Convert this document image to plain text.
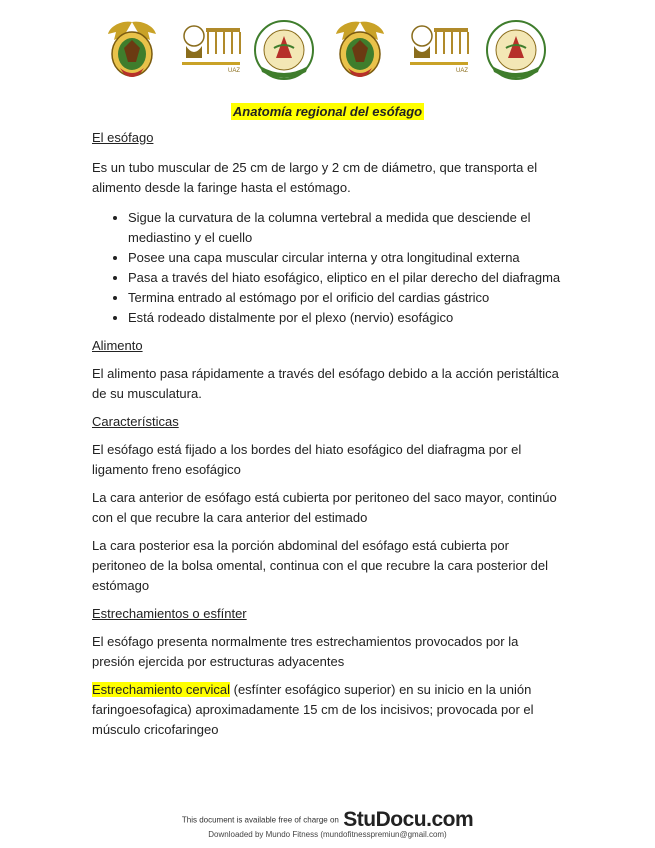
UAZ	UAZ
Anatomía regional del esófago

El esófago

Es un tubo muscular de 25 cm de largo y 2 cm de diámetro, que transporta el
alimento desde la faringe hasta el estómago.

• Sigue la curvatura de la columna vertebral a medida que desciende el mediastino y el cuello
• Posee una capa muscular circular interna y otra longitudinal externa
• Pasa a través del hiato esofágico, eliptico en el pilar derecho del diafragma
• Termina entrado al estómago por el orificio del cardias gástrico
• Está rodeado distalmente por el plexo (nervio) esofágico

Alimento

El alimento pasa rápidamente a través del esófago debido a la acción peristáltica de su musculatura.

Características

El esófago está fijado a los bordes del hiato esofágico del diafragma por el ligamento freno esofágico

La cara anterior de esófago está cubierta por peritoneo del saco mayor, continúo con el que recubre la cara anterior del estimado

La cara posterior esa la porción abdominal del esófago está cubierta por peritoneo de la bolsa omental, continua con el que recubre la cara posterior del estómago

Estrechamientos o esfínter

El esófago presenta normalmente tres estrechamientos provocados por la presión ejercida por estructuras adyacentes

Estrechamiento cervical (esfínter esofágico superior) en su inicio en la unión faringoesofagica) aproximadamente 15 cm de los incisivos; provocada por el músculo cricofaringeo

This document is available free of charge on StuDocu.com
Downloaded by Mundo Fitness (mundofitnesspremiun@gmail.com)
